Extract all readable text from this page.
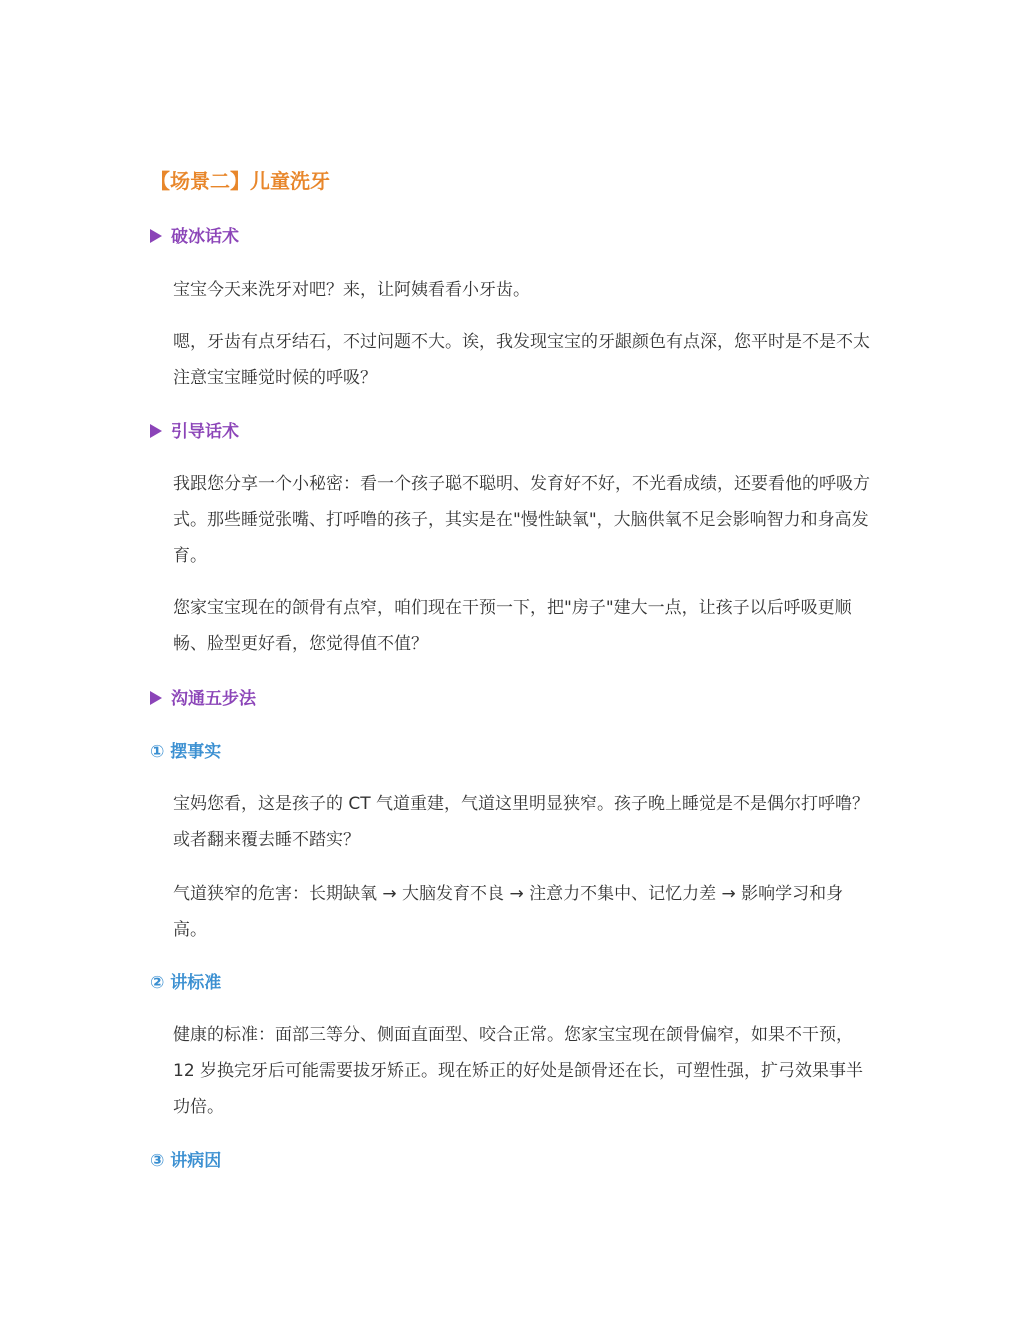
【场景二】儿童洗牙
破冰话术
宝宝今天来洗牙对吧？来，让阿姨看看小牙齿。
嗯，牙齿有点牙结石，不过问题不大。诶，我发现宝宝的牙龈颜色有点深，您平时是不是不太注意宝宝睡觉时候的呼吸？
引导话术
我跟您分享一个小秘密：看一个孩子聪不聪明、发育好不好，不光看成绩，还要看他的呼吸方式。那些睡觉张嘴、打呼噜的孩子，其实是在"慢性缺氧"，大脑供氧不足会影响智力和身高发育。
您家宝宝现在的颌骨有点窄，咱们现在干预一下，把"房子"建大一点，让孩子以后呼吸更顺畅、脸型更好看，您觉得值不值？
沟通五步法
① 摆事实
宝妈您看，这是孩子的 CT 气道重建，气道这里明显狭窄。孩子晚上睡觉是不是偶尔打呼噜？或者翻来覆去睡不踏实？
气道狭窄的危害：长期缺氧 → 大脑发育不良 → 注意力不集中、记忆力差 → 影响学习和身高。
② 讲标准
健康的标准：面部三等分、侧面直面型、咬合正常。您家宝宝现在颌骨偏窄，如果不干预，12 岁换完牙后可能需要拔牙矫正。现在矫正的好处是颌骨还在长，可塑性强，扩弓效果事半功倍。
③ 讲病因
